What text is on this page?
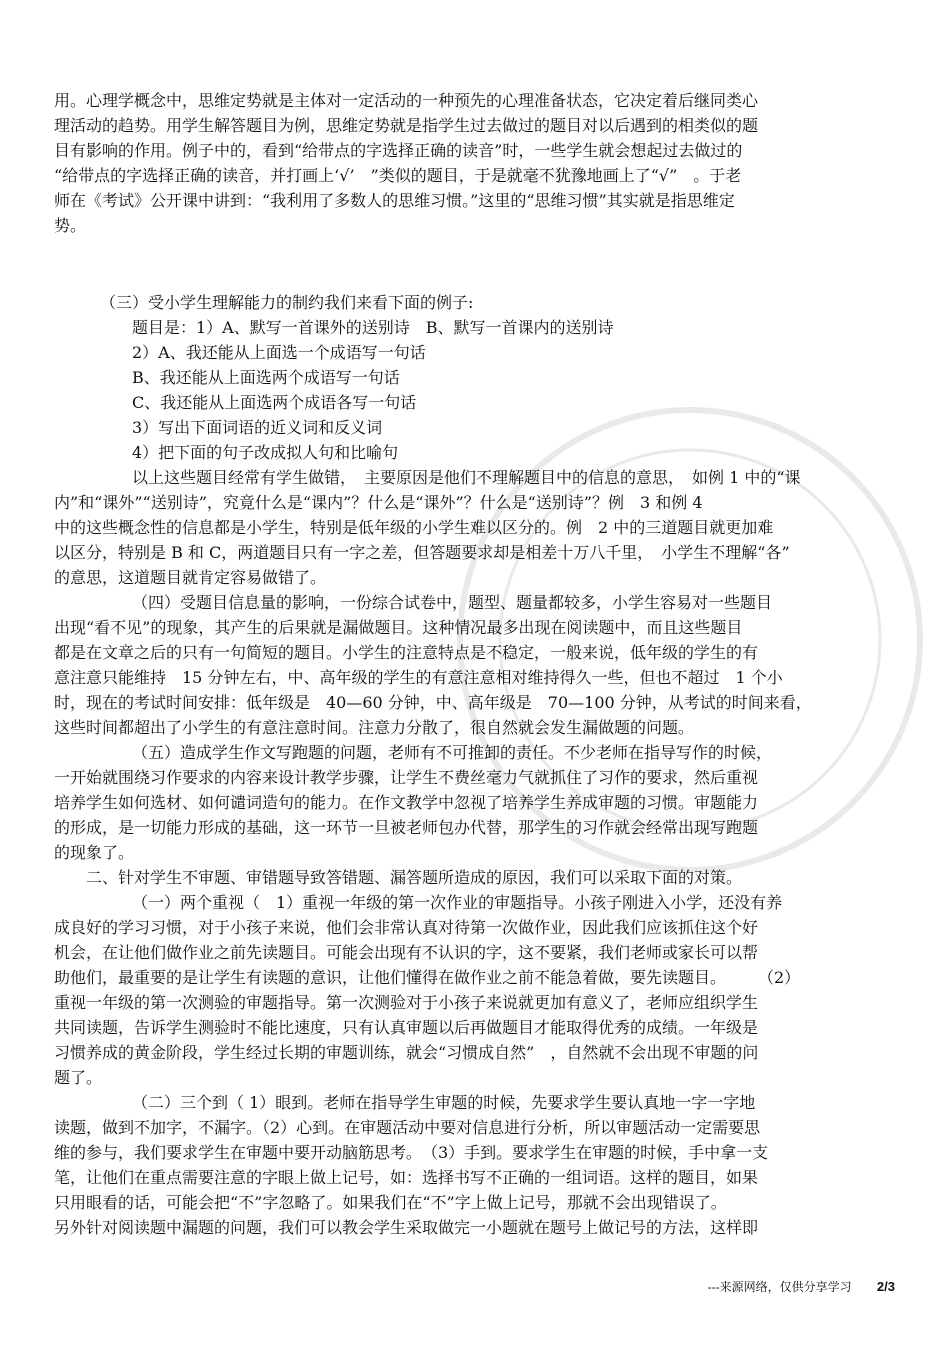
用。心理学概念中，思维定势就是主体对一定活动的一种预先的心理准备状态，它决定着后继同类心
理活动的趋势。用学生解答题目为例，思维定势就是指学生过去做过的题目对以后遇到的相类似的题
目有影响的作用。例子中的，看到“给带点的字选择正确的读音”时，一些学生就会想起过去做过的
“给带点的字选择正确的读音，并打画上‘√’　”类似的题目，于是就毫不犹豫地画上了“√”　。于老
师在《考试》公开课中讲到：“我利用了多数人的思维习惯。”这里的“思维习惯”其实就是指思维定
势。
（三）受小学生理解能力的制约我们来看下面的例子:
题目是：1）A、默写一首课外的送别诗　B、默写一首课内的送别诗
2）A、我还能从上面选一个成语写一句话
B、我还能从上面选两个成语写一句话
C、我还能从上面选两个成语各写一句话
3）写出下面词语的近义词和反义词
4）把下面的句子改成拟人句和比喻句
以上这些题目经常有学生做错，　主要原因是他们不理解题目中的信息的意思，　如例 1 中的“课
内”和“课外”“送别诗”，究竟什么是“课内”？什么是“课外”？什么是“送别诗”？例　3 和例 4
中的这些概念性的信息都是小学生，特别是低年级的小学生难以区分的。例　2 中的三道题目就更加难
以区分，特别是 B 和 C，两道题目只有一字之差，但答题要求却是相差十万八千里，　小学生不理解“各”
的意思，这道题目就肯定容易做错了。
（四）受题目信息量的影响，一份综合试卷中，题型、题量都较多，小学生容易对一些题目
出现“看不见”的现象，其产生的后果就是漏做题目。这种情况最多出现在阅读题中，而且这些题目
都是在文章之后的只有一句简短的题目。小学生的注意特点是不稳定，一般来说，低年级的学生的有
意注意只能维持　15 分钟左右，中、高年级的学生的有意注意相对维持得久一些，但也不超过　1 个小
时，现在的考试时间安排：低年级是　40—60 分钟，中、高年级是　70—100 分钟，从考试的时间来看，
这些时间都超出了小学生的有意注意时间。注意力分散了，很自然就会发生漏做题的问题。
（五）造成学生作文写跑题的问题，老师有不可推卸的责任。不少老师在指导写作的时候，
一开始就围绕习作要求的内容来设计教学步骤，让学生不费丝毫力气就抓住了习作的要求，然后重视
培养学生如何选材、如何谴词造句的能力。在作文教学中忽视了培养学生养成审题的习惯。审题能力
的形成，是一切能力形成的基础，这一环节一旦被老师包办代替，那学生的习作就会经常出现写跑题
的现象了。
二、针对学生不审题、审错题导致答错题、漏答题所造成的原因，我们可以采取下面的对策。
（一）两个重视（　1）重视一年级的第一次作业的审题指导。小孩子刚进入小学，还没有养
成良好的学习习惯，对于小孩子来说，他们会非常认真对待第一次做作业，因此我们应该抓住这个好
机会，在让他们做作业之前先读题目。可能会出现有不认识的字，这不要紧，我们老师或家长可以帮
助他们，最重要的是让学生有读题的意识，让他们懂得在做作业之前不能急着做，要先读题目。　　　（2）
重视一年级的第一次测验的审题指导。第一次测验对于小孩子来说就更加有意义了，老师应组织学生
共同读题，告诉学生测验时不能比速度，只有认真审题以后再做题目才能取得优秀的成绩。一年级是
习惯养成的黄金阶段，学生经过长期的审题训练，就会“习惯成自然”　，自然就不会出现不审题的问
题了。
（二）三个到（ 1）眼到。老师在指导学生审题的时候，先要求学生要认真地一字一字地
读题，做到不加字，不漏字。（2）心到。在审题活动中要对信息进行分析，所以审题活动一定需要思
维的参与，我们要求学生在审题中要开动脑筋思考。　（3）手到。要求学生在审题的时候，手中拿一支
笔，让他们在重点需要注意的字眼上做上记号，如：选择书写不正确的一组词语。这样的题目，如果
只用眼看的话，可能会把“不”字忽略了。如果我们在“不”字上做上记号，那就不会出现错误了。
另外针对阅读题中漏题的问题，我们可以教会学生采取做完一小题就在题号上做记号的方法，这样即
---来源网络，仅供分享学习 2/3
